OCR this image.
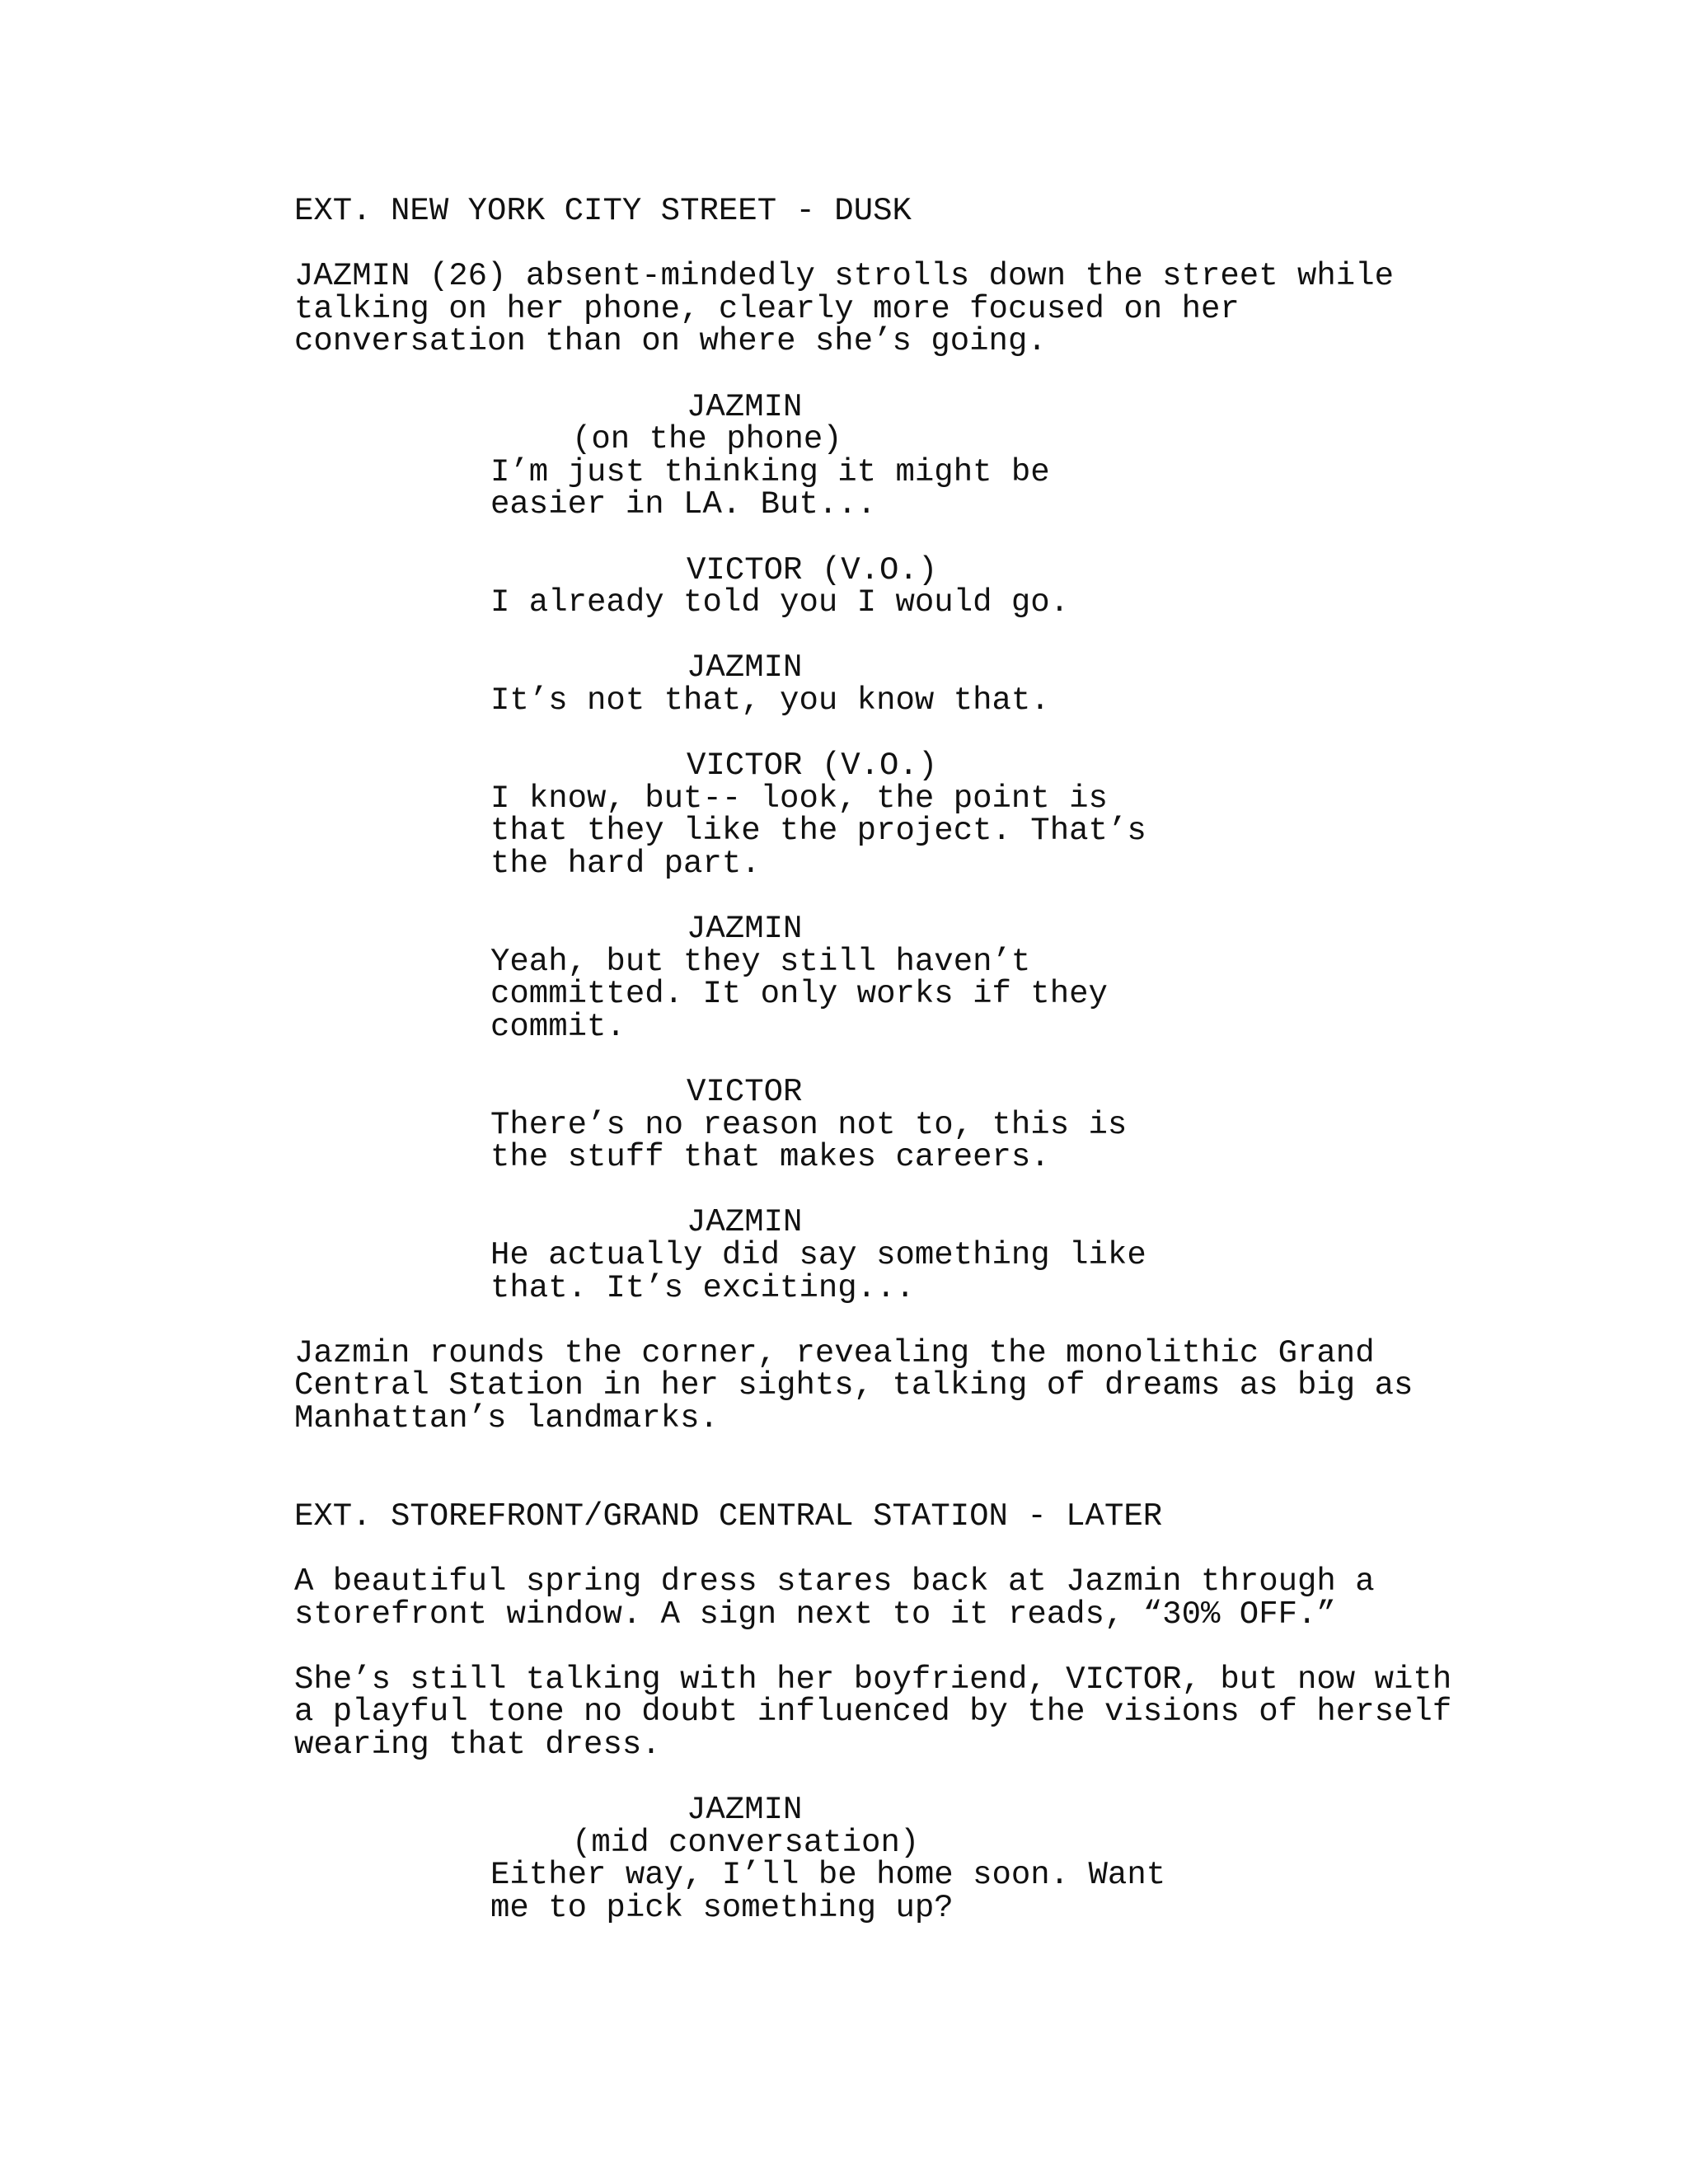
EXT. NEW YORK CITY STREET - DUSK
JAZMIN (26) absent-mindedly strolls down the street while
talking on her phone, clearly more focused on her
conversation than on where she’s going.
JAZMIN
(on the phone)
I’m just thinking it might be
easier in LA. But...
VICTOR (V.O.)
I already told you I would go.
JAZMIN
It’s not that, you know that.
VICTOR (V.O.)
I know, but-- look, the point is
that they like the project. That’s
the hard part.
JAZMIN
Yeah, but they still haven’t
committed. It only works if they
commit.
VICTOR
There’s no reason not to, this is
the stuff that makes careers.
JAZMIN
He actually did say something like
that. It’s exciting...
Jazmin rounds the corner, revealing the monolithic Grand
Central Station in her sights, talking of dreams as big as
Manhattan’s landmarks.
EXT. STOREFRONT/GRAND CENTRAL STATION - LATER
A beautiful spring dress stares back at Jazmin through a
storefront window. A sign next to it reads, “30% OFF.”
She’s still talking with her boyfriend, VICTOR, but now with
a playful tone no doubt influenced by the visions of herself
wearing that dress.
JAZMIN
(mid conversation)
Either way, I’ll be home soon. Want
me to pick something up?
